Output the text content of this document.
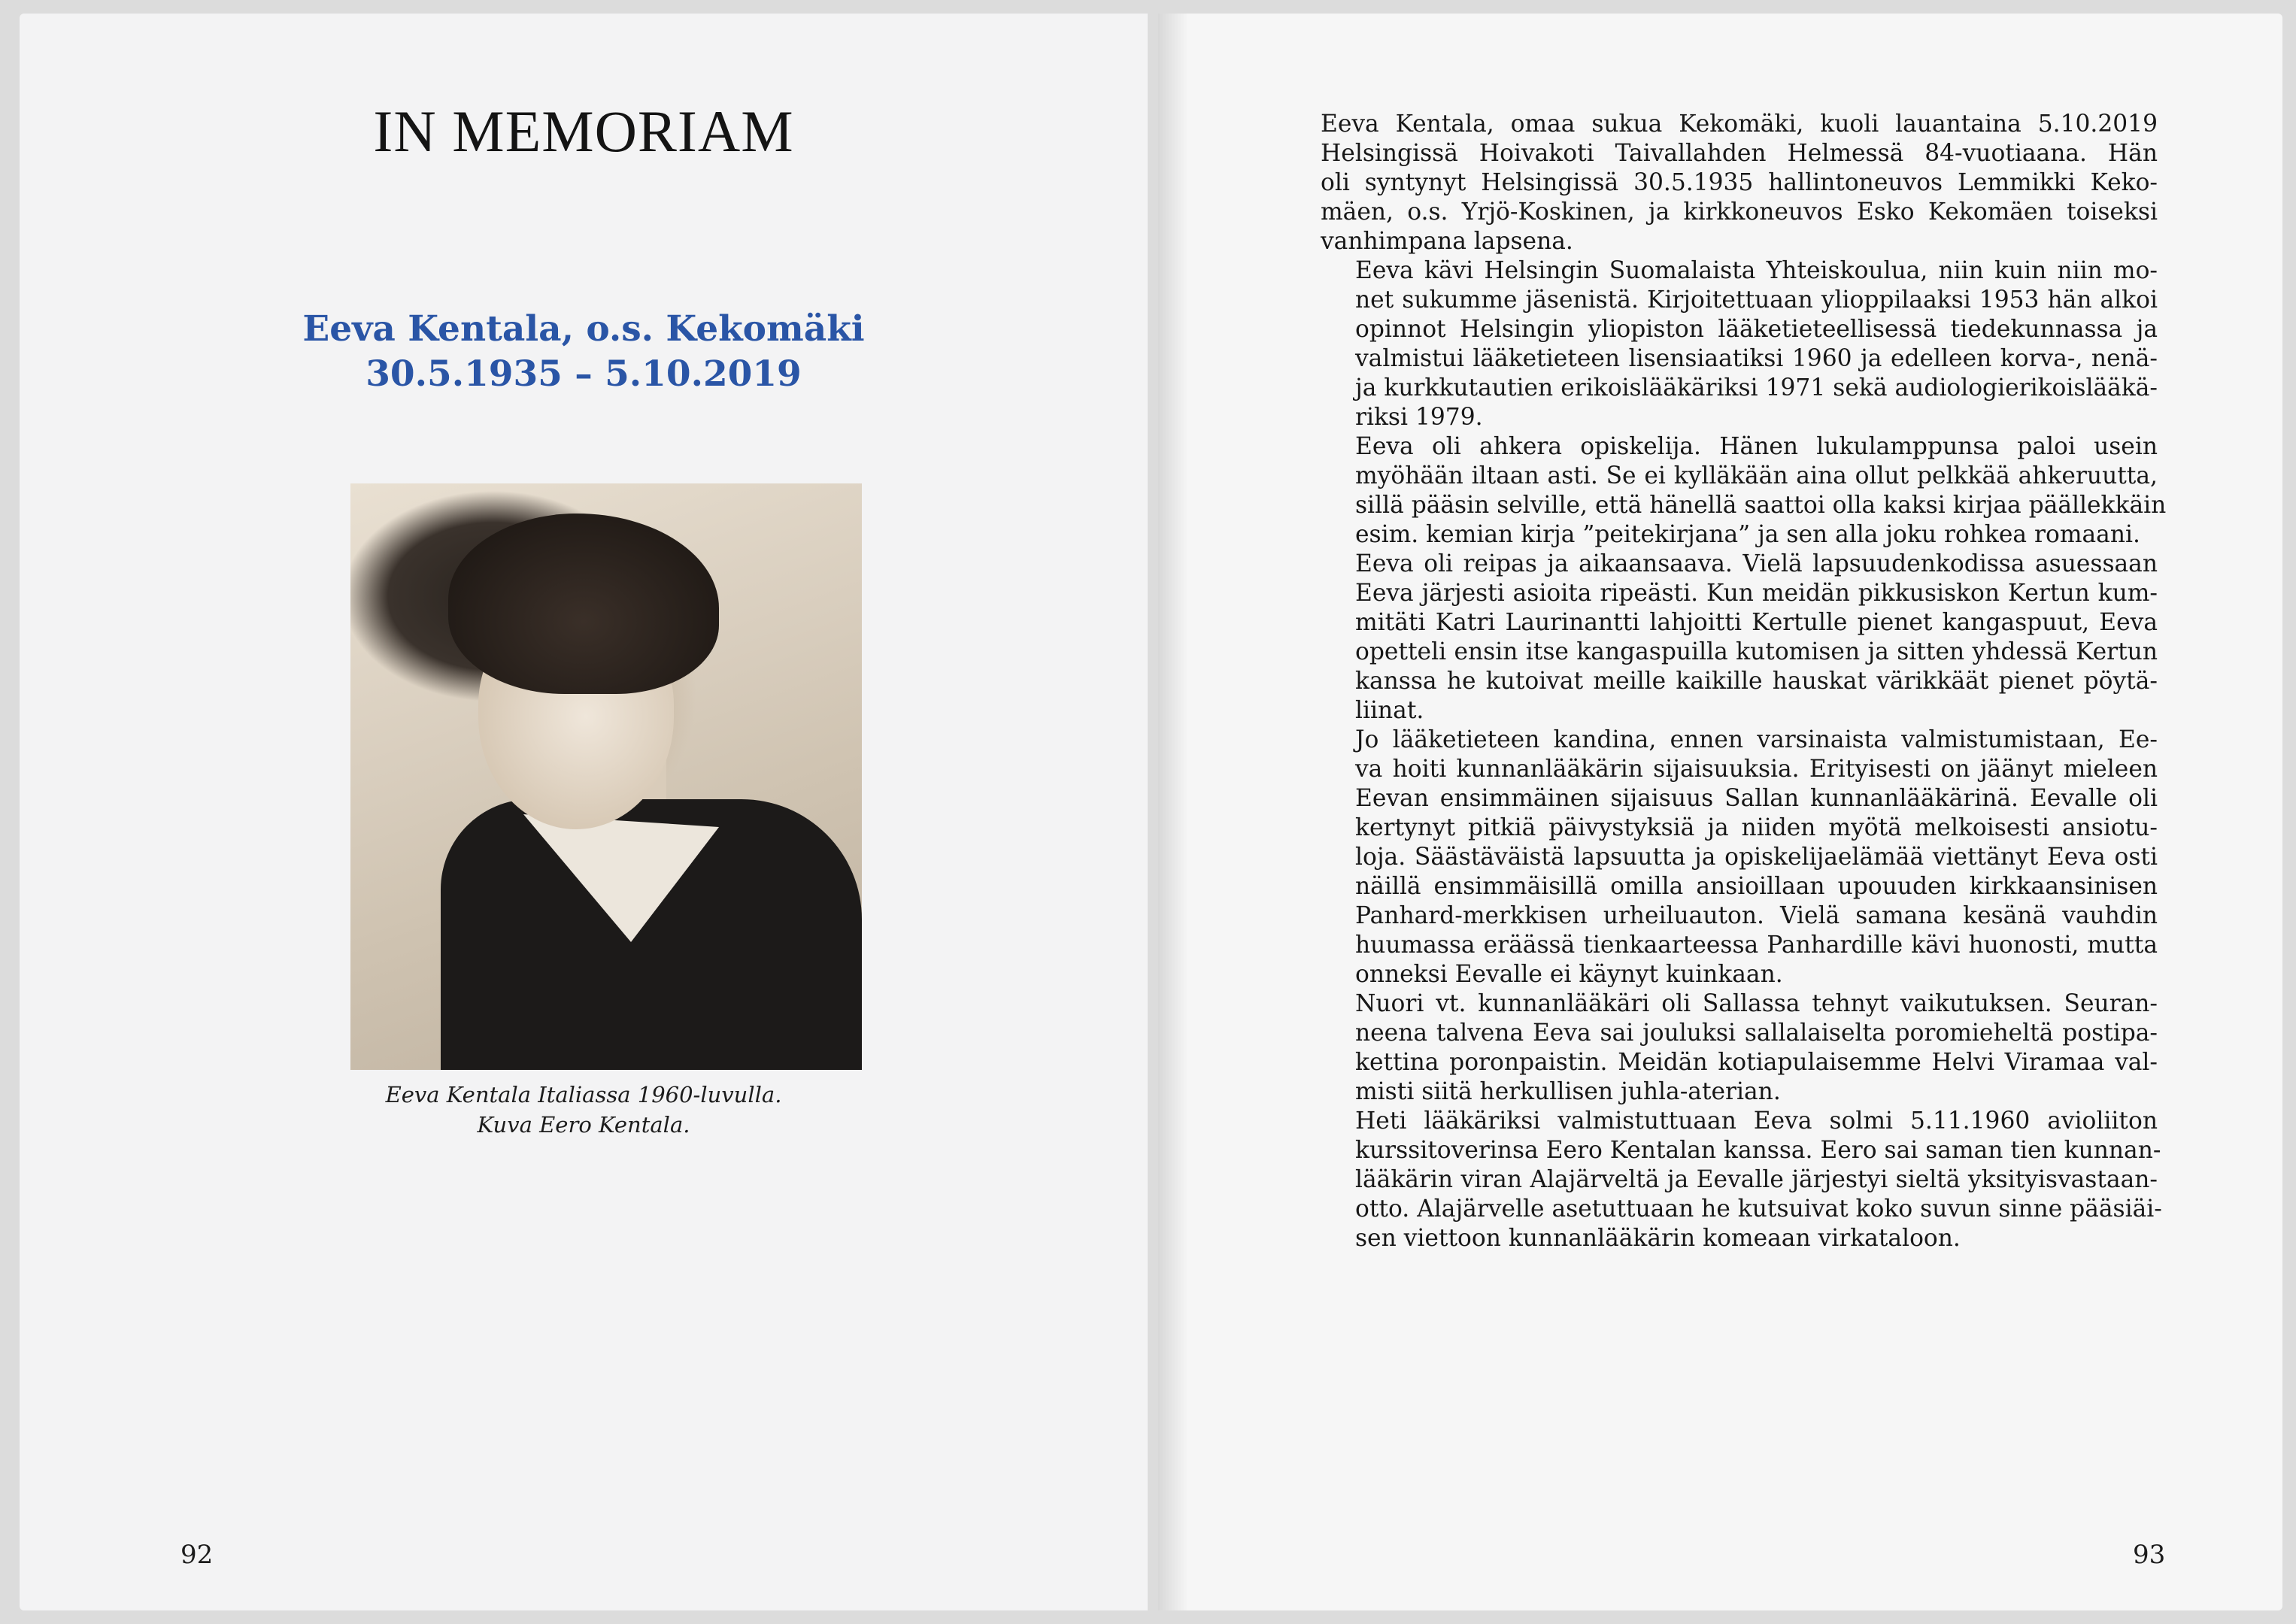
IN MEMORIAM
Eeva Kentala, o.s. Kekomäki
30.5.1935 – 5.10.2019
Eeva Kentala Italiassa 1960-luvulla.
Kuva Eero Kentala.
92

Eeva Kentala, omaa sukua Kekomäki, kuoli lauantaina 5.10.2019
Helsingissä Hoivakoti Taivallahden Helmessä 84-vuotiaana. Hän
oli syntynyt Helsingissä 30.5.1935 hallintoneuvos Lemmikki Keko-
mäen, o.s. Yrjö-Koskinen, ja kirkkoneuvos Esko Kekomäen toiseksi
vanhimpana lapsena.

Eeva kävi Helsingin Suomalaista Yhteiskoulua, niin kuin niin mo-
net sukumme jäsenistä. Kirjoitettuaan ylioppilaaksi 1953 hän alkoi
opinnot Helsingin yliopiston lääketieteellisessä tiedekunnassa ja
valmistui lääketieteen lisensiaatiksi 1960 ja edelleen korva-, nenä-
ja kurkkutautien erikoislääkäriksi 1971 sekä audiologierikoislääkä-
riksi 1979.

Eeva oli ahkera opiskelija. Hänen lukulamppunsa paloi usein
myöhään iltaan asti. Se ei kylläkään aina ollut pelkkää ahkeruutta,
sillä pääsin selville, että hänellä saattoi olla kaksi kirjaa päällekkäin
esim. kemian kirja ”peitekirjana” ja sen alla joku rohkea romaani.

Eeva oli reipas ja aikaansaava. Vielä lapsuudenkodissa asuessaan
Eeva järjesti asioita ripeästi. Kun meidän pikkusiskon Kertun kum-
mitäti Katri Laurinantti lahjoitti Kertulle pienet kangaspuut, Eeva
opetteli ensin itse kangaspuilla kutomisen ja sitten yhdessä Kertun
kanssa he kutoivat meille kaikille hauskat värikkäät pienet pöytä-
liinat.

Jo lääketieteen kandina, ennen varsinaista valmistumistaan, Ee-
va hoiti kunnanlääkärin sijaisuuksia. Erityisesti on jäänyt mieleen
Eevan ensimmäinen sijaisuus Sallan kunnanlääkärinä. Eevalle oli
kertynyt pitkiä päivystyksiä ja niiden myötä melkoisesti ansiotu-
loja. Säästäväistä lapsuutta ja opiskelijaelämää viettänyt Eeva osti
näillä ensimmäisillä omilla ansioillaan upouuden kirkkaansinisen
Panhard-merkkisen urheiluauton. Vielä samana kesänä vauhdin
huumassa eräässä tienkaarteessa Panhardille kävi huonosti, mutta
onneksi Eevalle ei käynyt kuinkaan.

Nuori vt. kunnanlääkäri oli Sallassa tehnyt vaikutuksen. Seuran-
neena talvena Eeva sai jouluksi sallalaiselta poromieheltä postipa-
kettina poronpaistin. Meidän kotiapulaisemme Helvi Viramaa val-
misti siitä herkullisen juhla-aterian.

Heti lääkäriksi valmistuttuaan Eeva solmi 5.11.1960 avioliiton
kurssitoverinsa Eero Kentalan kanssa. Eero sai saman tien kunnan-
lääkärin viran Alajärveltä ja Eevalle järjestyi sieltä yksityisvastaan-
otto. Alajärvelle asetuttuaan he kutsuivat koko suvun sinne pääsiäi-
sen viettoon kunnanlääkärin komeaan virkataloon.

93
